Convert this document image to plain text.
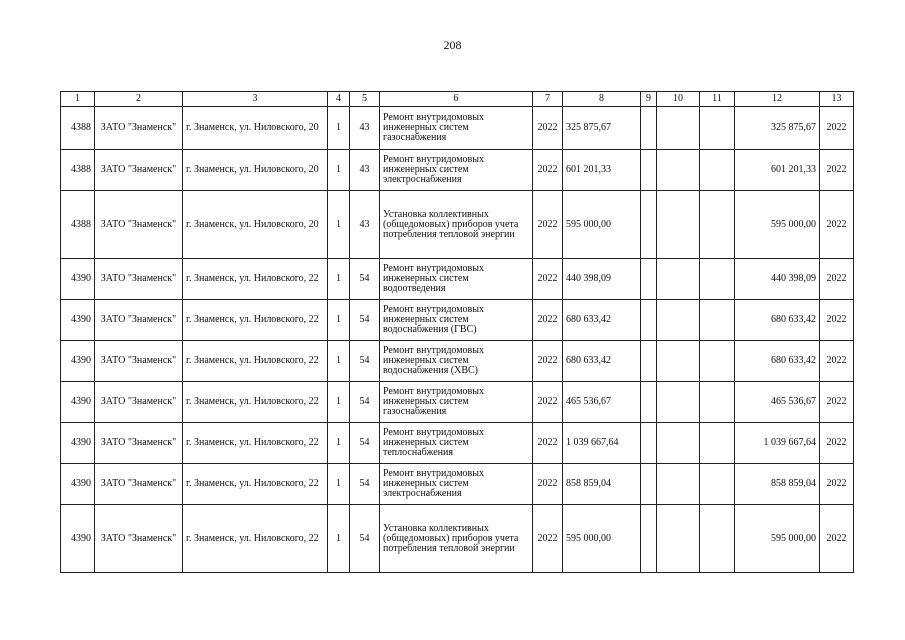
208
1	2	3	4	5	6	7	8	9	10	11	12	13
4388	ЗАТО "Знаменск"	г. Знаменск, ул. Ниловского, 20	1	43	Ремонт внутридомовых инженерных систем газоснабжения	2022	325 875,67				325 875,67	2022
4388	ЗАТО "Знаменск"	г. Знаменск, ул. Ниловского, 20	1	43	Ремонт внутридомовых инженерных систем электроснабжения	2022	601 201,33				601 201,33	2022
4388	ЗАТО "Знаменск"	г. Знаменск, ул. Ниловского, 20	1	43	Установка коллективных (общедомовых) приборов учета потребления тепловой энергии	2022	595 000,00				595 000,00	2022
4390	ЗАТО "Знаменск"	г. Знаменск, ул. Ниловского, 22	1	54	Ремонт внутридомовых инженерных систем водоотведения	2022	440 398,09				440 398,09	2022
4390	ЗАТО "Знаменск"	г. Знаменск, ул. Ниловского, 22	1	54	Ремонт внутридомовых инженерных систем водоснабжения (ГВС)	2022	680 633,42				680 633,42	2022
4390	ЗАТО "Знаменск"	г. Знаменск, ул. Ниловского, 22	1	54	Ремонт внутридомовых инженерных систем водоснабжения (ХВС)	2022	680 633,42				680 633,42	2022
4390	ЗАТО "Знаменск"	г. Знаменск, ул. Ниловского, 22	1	54	Ремонт внутридомовых инженерных систем газоснабжения	2022	465 536,67				465 536,67	2022
4390	ЗАТО "Знаменск"	г. Знаменск, ул. Ниловского, 22	1	54	Ремонт внутридомовых инженерных систем теплоснабжения	2022	1 039 667,64				1 039 667,64	2022
4390	ЗАТО "Знаменск"	г. Знаменск, ул. Ниловского, 22	1	54	Ремонт внутридомовых инженерных систем электроснабжения	2022	858 859,04				858 859,04	2022
4390	ЗАТО "Знаменск"	г. Знаменск, ул. Ниловского, 22	1	54	Установка коллективных (общедомовых) приборов учета потребления тепловой энергии	2022	595 000,00				595 000,00	2022
